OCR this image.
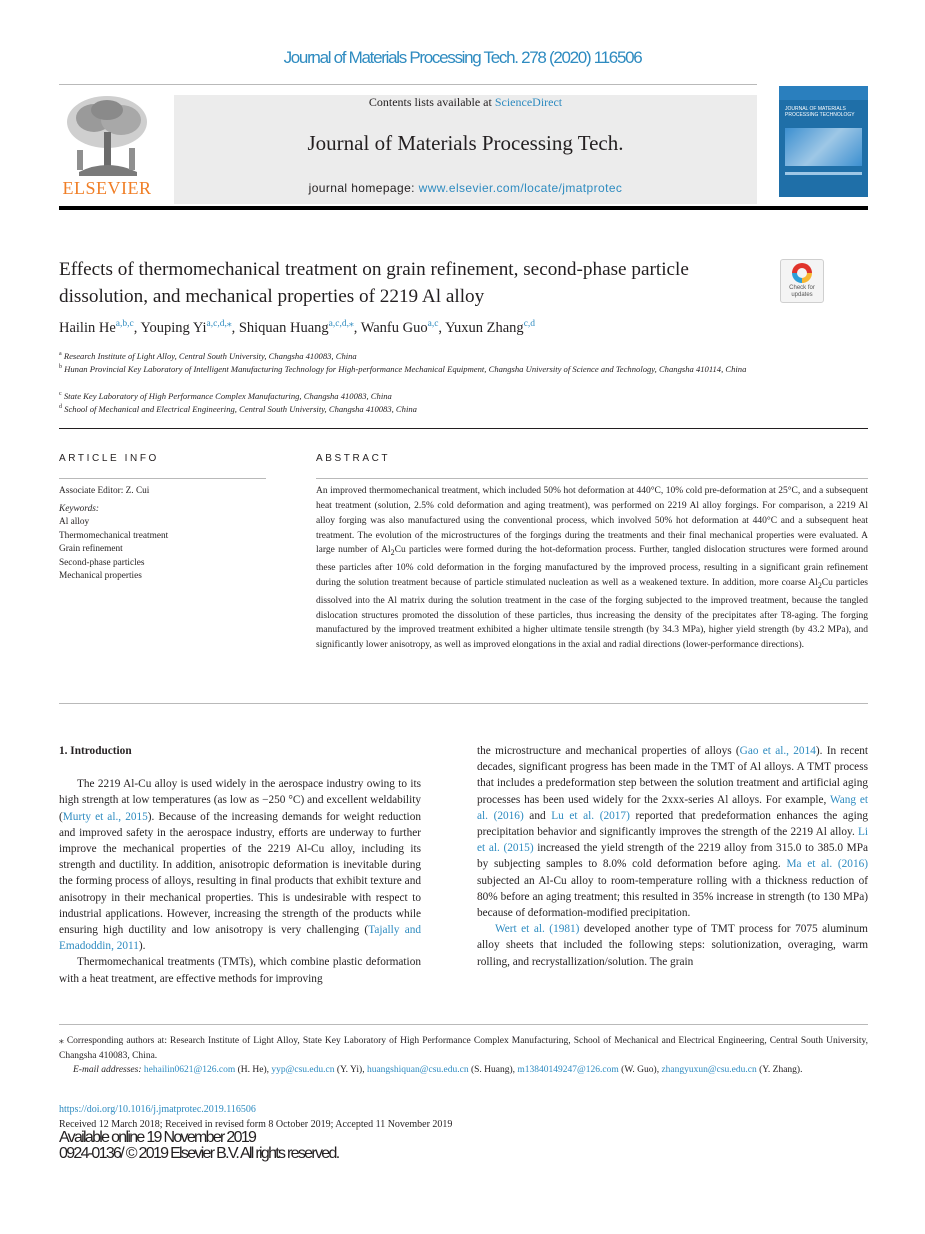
Journal of Materials Processing Tech. 278 (2020) 116506
ELSEVIER
Contents lists available at ScienceDirect
Journal of Materials Processing Tech.
journal homepage: www.elsevier.com/locate/jmatprotec
JOURNAL OF MATERIALS PROCESSING TECHNOLOGY
Effects of thermomechanical treatment on grain refinement, second-phase particle dissolution, and mechanical properties of 2219 Al alloy	Check for updates
Hailin He$^{a,b,c}$, Youping $Yi^{a,c,d,⁎}$, Shiquan Huang$^{a,c,d,⁎}$, Wanfu Guo$^{a,c}$, Yuxun Zhang$^{c,d}$
$^a$ Research Institute of Light Alloy, Central South University, Changsha 410083, China
$^b$ Hunan Provincial Key Laboratory of Intelligent Manufacturing Technology for High-performance Mechanical Equipment, Changsha University of Science and Technology, Changsha 410114, China
$^c$ State Key Laboratory of High Performance Complex Manufacturing, Changsha 410083, China
$^d$ School of Mechanical and Electrical Engineering, Central South University, Changsha 410083, China
ARTICLE INFO	ABSTRACT
Associate Editor: Z. Cui
Keywords:
Al alloy
Thermomechanical treatment
Grain refinement
Second-phase particles
Mechanical properties
An improved thermomechanical treatment, which included 50% hot deformation at 440°C, 10% cold pre-deformation at 25°C, and a subsequent heat treatment (solution, 2.5% cold deformation and aging treatment), was performed on 2219 Al alloy forgings. For comparison, a 2219 Al alloy forging was also manufactured using the conventional process, which involved 50% hot deformation at 440°C and a subsequent heat treatment. The evolution of the microstructures of the forgings during the treatments and their final mechanical properties were evaluated. A large number of $Al_2Cu$ particles were formed during the hot-deformation process. Further, tangled dislocation structures were formed around these particles after 10% cold deformation in the forging manufactured by the improved process, resulting in a significant grain refinement during the solution treatment because of particle stimulated nucleation as well as a weakened texture. In addition, more coarse $Al_2Cu$ particles dissolved into the Al matrix during the solution treatment in the case of the forging subjected to the improved treatment, because the tangled dislocation structures promoted the dissolution of these particles, thus increasing the density of the precipitates after T8-aging. The forging manufactured by the improved treatment exhibited a higher ultimate tensile strength (by 34.3 MPa), higher yield strength (by 43.2 MPa), and significantly lower anisotropy, as well as improved elongations in the axial and radial directions (lower-performance directions).

1. Introduction

The 2219 Al-Cu alloy is used widely in the aerospace industry owing to its high strength at low temperatures (as low as −250 °C) and excellent weldability (Murty et al., 2015). Because of the increasing demands for weight reduction and improved safety in the aerospace industry, efforts are underway to further improve the mechanical properties of the 2219 Al-Cu alloy, including its strength and ductility. In addition, anisotropic deformation is inevitable during the forming process of alloys, resulting in final products that exhibit texture and anisotropy in their mechanical properties. This is undesirable with respect to industrial applications. However, increasing the strength of the products while ensuring high ductility and low anisotropy is very challenging (Tajally and Emadoddin, 2011).

Thermomechanical treatments (TMTs), which combine plastic deformation with a heat treatment, are effective methods for improving

the microstructure and mechanical properties of alloys (Gao et al., 2014). In recent decades, significant progress has been made in the TMT of Al alloys. A TMT process that includes a predeformation step between the solution treatment and artificial aging processes has been used widely for the 2xxx-series Al alloys. For example, Wang et al. (2016) and Lu et al. (2017) reported that predeformation enhances the aging precipitation behavior and significantly improves the strength of the 2219 Al alloy. Li et al. (2015) increased the yield strength of the 2219 alloy from 315.0 to 385.0 MPa by subjecting samples to 8.0% cold deformation before aging. Ma et al. (2016) subjected an Al-Cu alloy to room-temperature rolling with a thickness reduction of 80% before an aging treatment; this resulted in 35% increase in strength (to 130 MPa) because of deformation-modified precipitation.

Wert et al. (1981) developed another type of TMT process for 7075 aluminum alloy sheets that included the following steps: solutionization, overaging, warm rolling, and recrystallization/solution. The grain

⁎ Corresponding authors at: Research Institute of Light Alloy, State Key Laboratory of High Performance Complex Manufacturing, School of Mechanical and Electrical Engineering, Central South University, Changsha 410083, China.

E-mail addresses: hehailin0621@126.com (H. He), yyp@csu.edu.cn (Y. Yi), huangshiquan@csu.edu.cn (S. Huang), m13840149247@126.com (W. Guo), zhangyuxun@csu.edu.cn (Y. Zhang).

https://doi.org/10.1016/j.jmatprotec.2019.116506
Received 12 March 2018; Received in revised form 8 October 2019; Accepted 11 November 2019
Available online 19 November 2019
0924-0136/ © 2019 Elsevier B.V. All rights reserved.
